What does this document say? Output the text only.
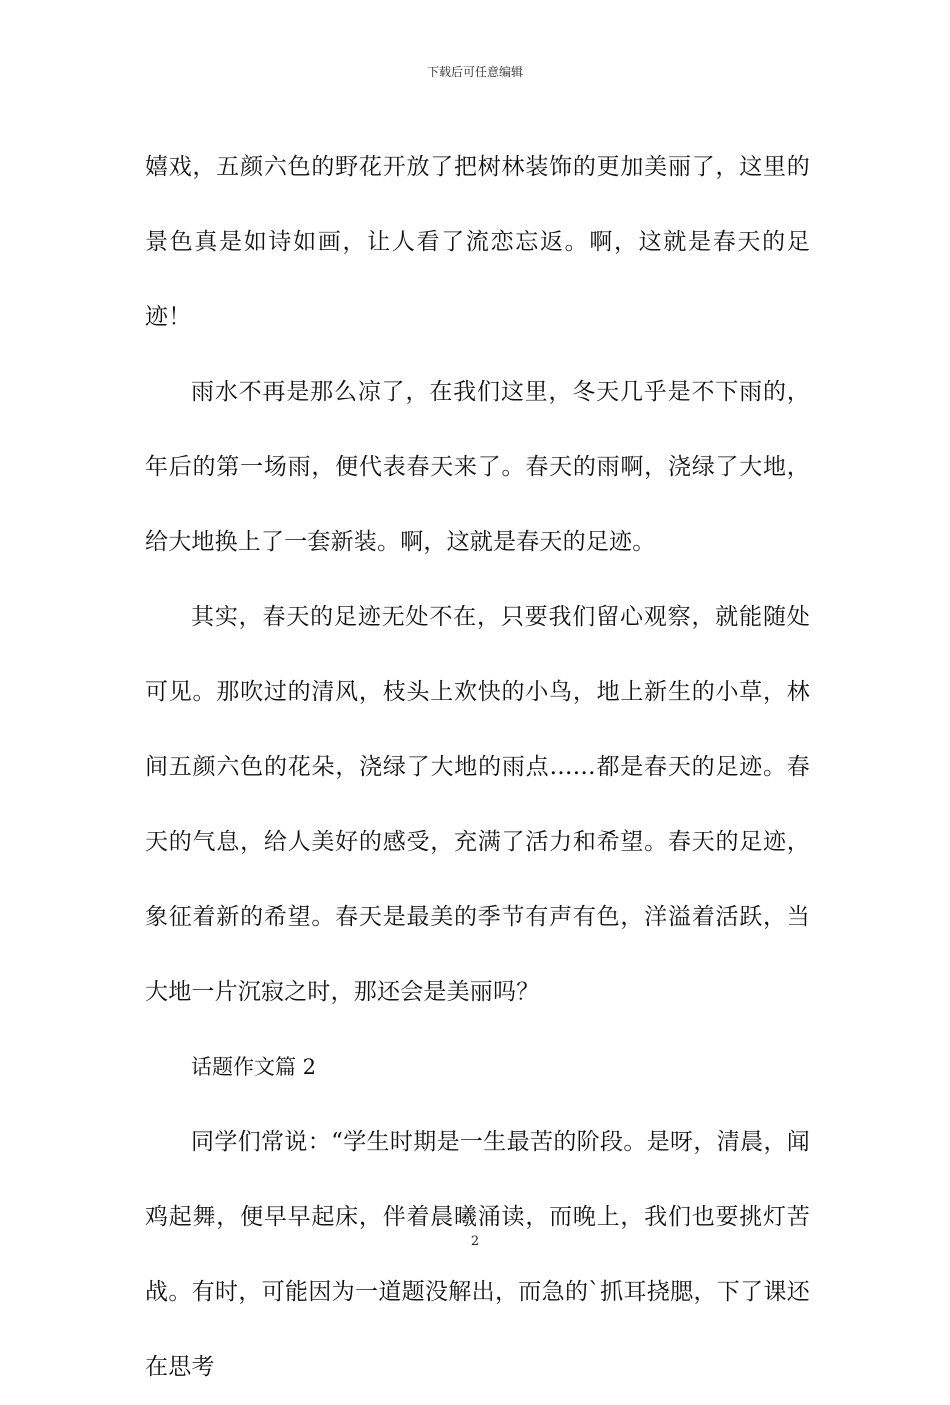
下载后可任意编辑

嬉戏，五颜六色的野花开放了把树林装饰的更加美丽了，这里的景色真是如诗如画，让人看了流恋忘返。啊，这就是春天的足迹！

雨水不再是那么凉了，在我们这里，冬天几乎是不下雨的，年后的第一场雨，便代表春天来了。春天的雨啊，浇绿了大地，给大地换上了一套新装。啊，这就是春天的足迹。

其实，春天的足迹无处不在，只要我们留心观察，就能随处可见。那吹过的清风，枝头上欢快的小鸟，地上新生的小草，林间五颜六色的花朵，浇绿了大地的雨点……都是春天的足迹。春天的气息，给人美好的感受，充满了活力和希望。春天的足迹，象征着新的希望。春天是最美的季节有声有色，洋溢着活跃，当大地一片沉寂之时，那还会是美丽吗？

话题作文篇 2

同学们常说：“学生时期是一生最苦的阶段。是呀，清晨，闻鸡起舞，便早早起床，伴着晨曦涌读，而晚上，我们也要挑灯苦战。有时，可能因为一道题没解出，而急的`抓耳挠腮，下了课还在思考

2
